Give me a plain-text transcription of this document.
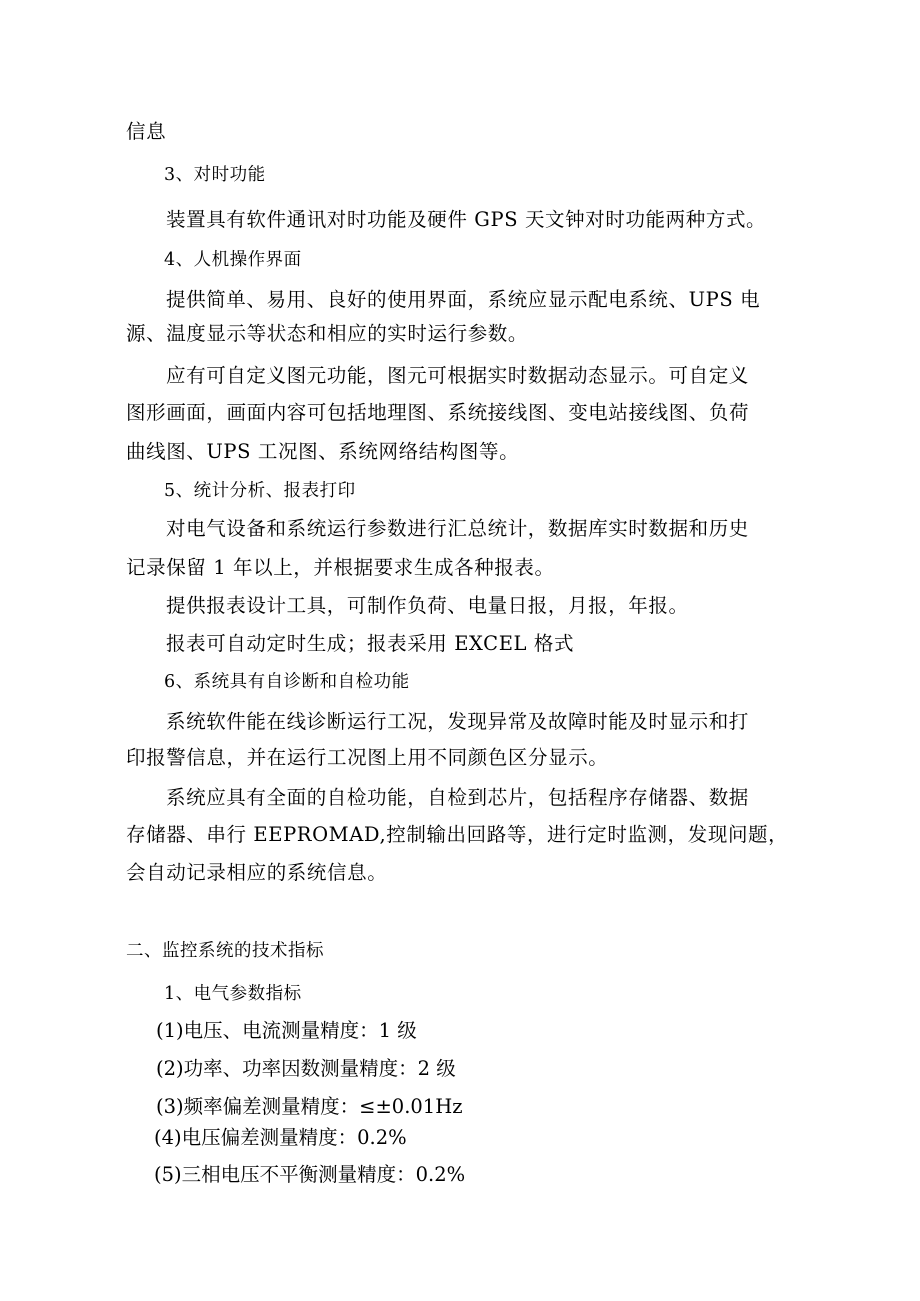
信息
3、对时功能
装置具有软件通讯对时功能及硬件 GPS 天文钟对时功能两种方式。
4、人机操作界面
提供简单、易用、良好的使用界面，系统应显示配电系统、UPS 电
源、温度显示等状态和相应的实时运行参数。
应有可自定义图元功能，图元可根据实时数据动态显示。可自定义
图形画面，画面内容可包括地理图、系统接线图、变电站接线图、负荷
曲线图、UPS 工况图、系统网络结构图等。
5、统计分析、报表打印
对电气设备和系统运行参数进行汇总统计，数据库实时数据和历史
记录保留 1 年以上，并根据要求生成各种报表。
提供报表设计工具，可制作负荷、电量日报，月报，年报。
报表可自动定时生成；报表采用 EXCEL 格式
6、系统具有自诊断和自检功能
系统软件能在线诊断运行工况，发现异常及故障时能及时显示和打
印报警信息，并在运行工况图上用不同颜色区分显示。
系统应具有全面的自检功能，自检到芯片，包括程序存储器、数据
存储器、串行 EEPROMAD,控制输出回路等，进行定时监测，发现问题，
会自动记录相应的系统信息。
二、监控系统的技术指标
1、电气参数指标
(1)电压、电流测量精度：1 级
(2)功率、功率因数测量精度：2 级
(3)频率偏差测量精度：≤±0.01Hz
(4)电压偏差测量精度：0.2%
(5)三相电压不平衡测量精度：0.2%
